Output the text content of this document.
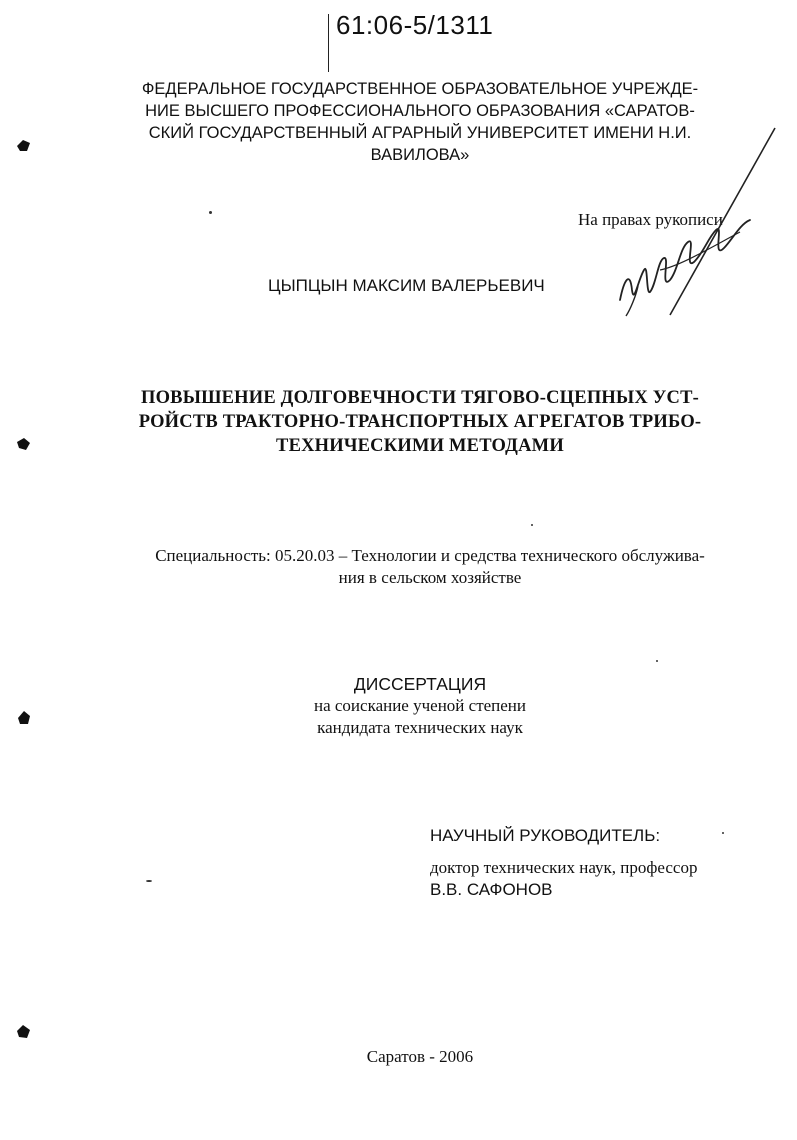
61:06-5/1311
ФЕДЕРАЛЬНОЕ ГОСУДАРСТВЕННОЕ ОБРАЗОВАТЕЛЬНОЕ УЧРЕЖДЕ-
НИЕ ВЫСШЕГО ПРОФЕССИОНАЛЬНОГО ОБРАЗОВАНИЯ «САРАТОВ-
СКИЙ ГОСУДАРСТВЕННЫЙ АГРАРНЫЙ УНИВЕРСИТЕТ ИМЕНИ Н.И.
ВАВИЛОВА»
На правах рукописи
ЦЫПЦЫН МАКСИМ ВАЛЕРЬЕВИЧ
ПОВЫШЕНИЕ ДОЛГОВЕЧНОСТИ ТЯГОВО-СЦЕПНЫХ УСТ-
РОЙСТВ ТРАКТОРНО-ТРАНСПОРТНЫХ АГРЕГАТОВ ТРИБО-
ТЕХНИЧЕСКИМИ МЕТОДАМИ
Специальность: 05.20.03 – Технологии и средства технического обслужива-
ния в сельском хозяйстве
ДИССЕРТАЦИЯ
на соискание ученой степени
кандидата технических наук
НАУЧНЫЙ РУКОВОДИТЕЛЬ:
доктор технических наук, профессор
В.В. САФОНОВ
Саратов - 2006
